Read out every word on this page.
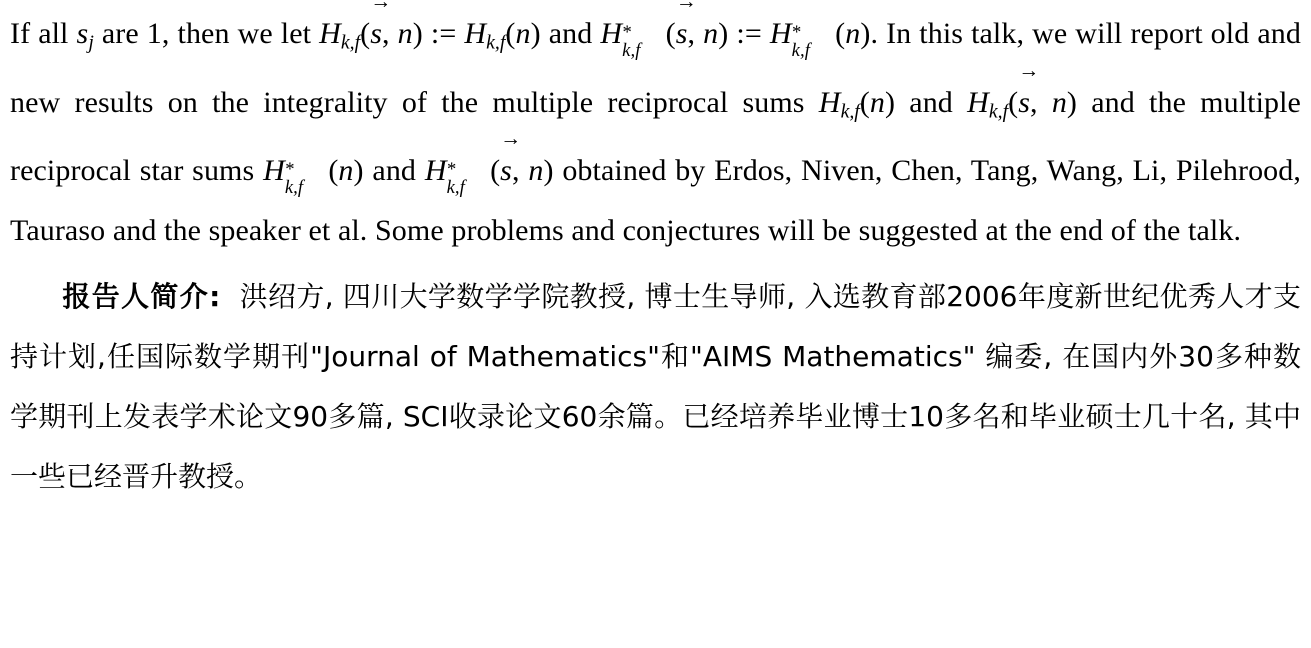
If all $s_j$ are 1, then we let $H_{k,f}$(
→
s, n) := $H_{k,f}(n)$ and H *
k,f
(
→
s, n) := H *
k,f
(n). In this talk, we will report old and new results on the integrality of the multiple reciprocal sums $H_{k,f}(n)$ and $H_{k,f}$(
→
s, n) and the multiple reciprocal star sums H *
k,f
(n) and H *
k,f
(
→
s, n) obtained by Erdos, Niven, Chen, Tang, Wang, Li, Pilehrood, Tauraso and the speaker et al. Some problems and conjectures will be suggested at the end of the talk.

报告人简介: 洪绍方, 四川大学数学学院教授, 博士生导师, 入选教育部2006年度新世纪优秀人才支持计划,任国际数学期刊"Journal of Mathematics"和"AIMS Mathematics" 编委, 在国内外30多种数学期刊上发表学术论文90多篇, SCI收录论文60余篇。已经培养毕业博士10多名和毕业硕士几十名, 其中一些已经晋升教授。
